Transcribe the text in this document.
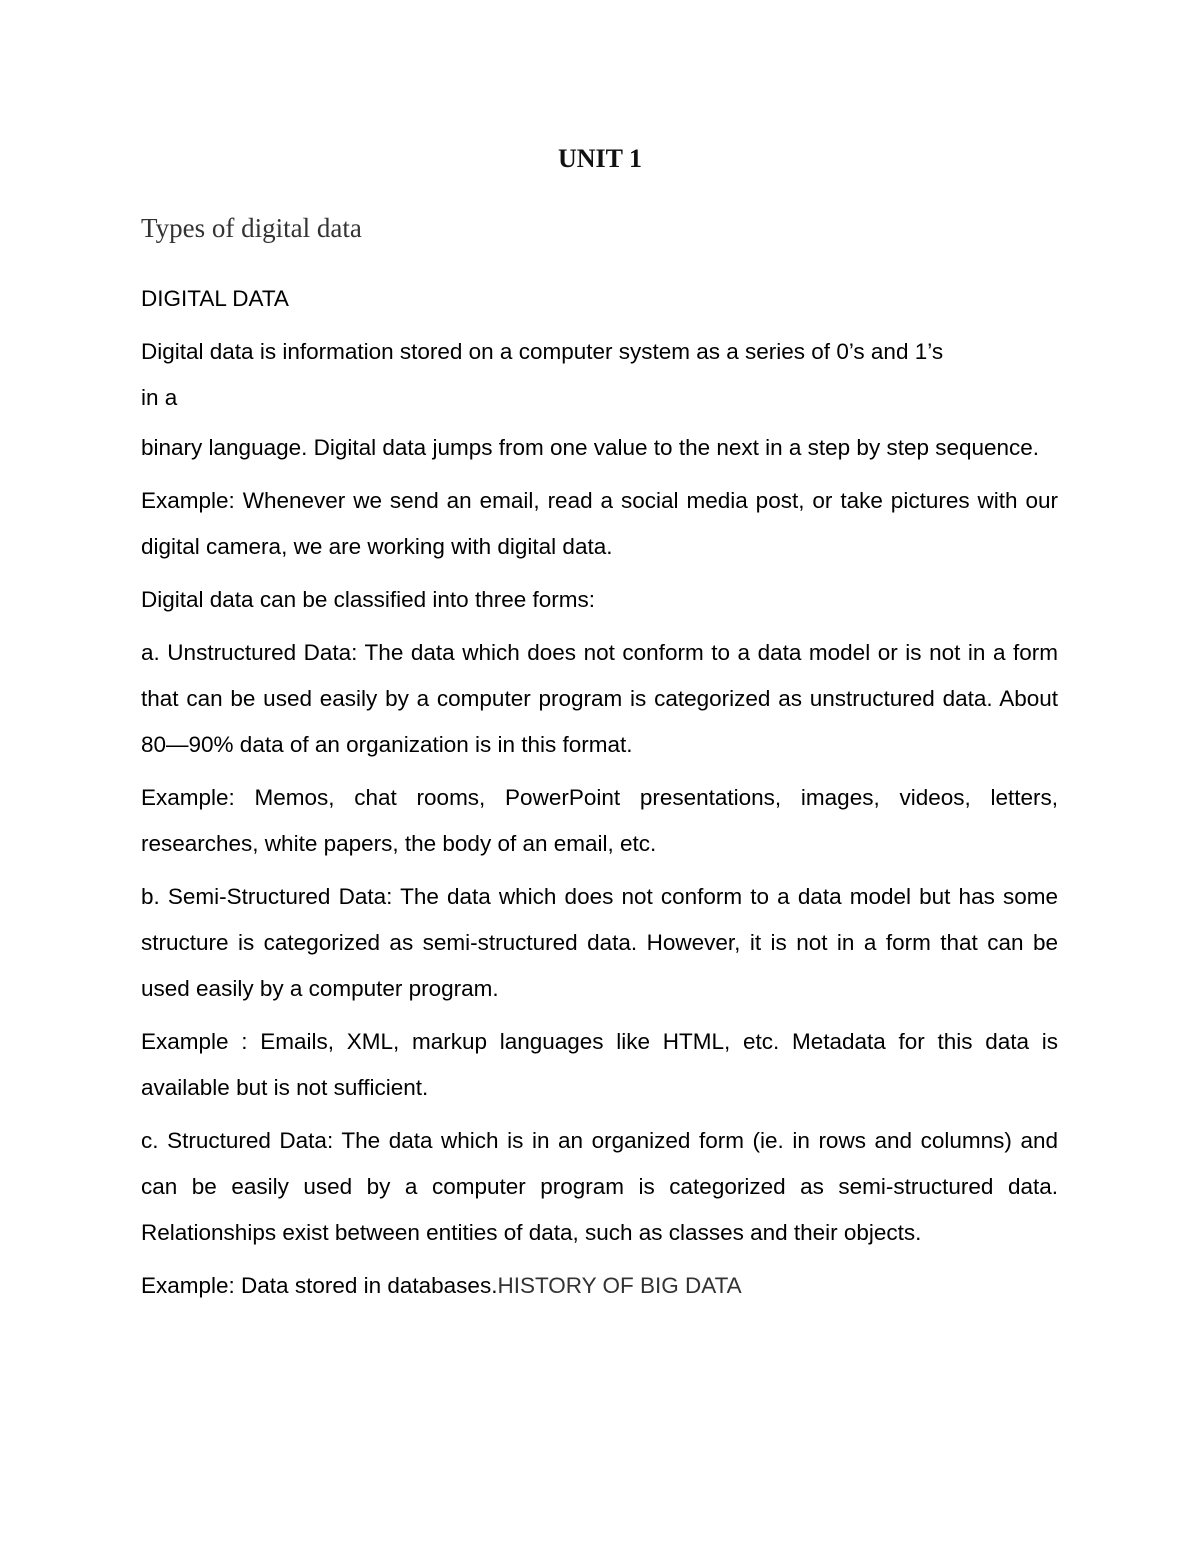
UNIT 1
Types of digital data

DIGITAL DATA

Digital data is information stored on a computer system as a series of 0’s and 1’s
in a

binary language. Digital data jumps from one value to the next in a step by step sequence.

Example: Whenever we send an email, read a social media post, or take pictures with our digital camera, we are working with digital data.

Digital data can be classified into three forms:

a. Unstructured Data: The data which does not conform to a data model or is not in a form that can be used easily by a computer program is categorized as unstructured data. About 80—90% data of an organization is in this format.

Example: Memos, chat rooms, PowerPoint presentations, images, videos, letters, researches, white papers, the body of an email, etc.

b. Semi-Structured Data: The data which does not conform to a data model but has some structure is categorized as semi-structured data. However, it is not in a form that can be used easily by a computer program.

Example : Emails, XML, markup languages like HTML, etc. Metadata for this data is available but is not sufficient.

c. Structured Data: The data which is in an organized form (ie. in rows and columns) and can be easily used by a computer program is categorized as semi-structured data. Relationships exist between entities of data, such as classes and their objects.

Example: Data stored in databases.HISTORY OF BIG DATA
